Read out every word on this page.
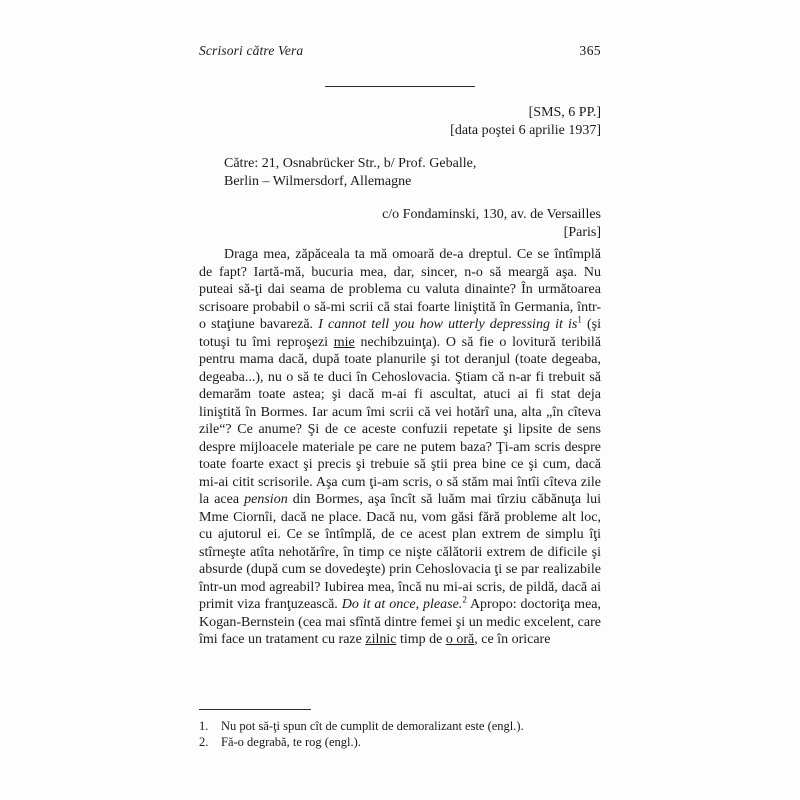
Scrisori către Vera	365
[SMS, 6 PP.]
[data poştei 6 aprilie 1937]
Către: 21, Osnabrücker Str., b/ Prof. Geballe,
Berlin – Wilmersdorf, Allemagne
c/o Fondaminski, 130, av. de Versailles
[Paris]

Draga mea, zăpăceala ta mă omoară de-a dreptul. Ce se întîmplă de fapt? Iartă-mă, bucuria mea, dar, sincer, n-o să meargă aşa. Nu puteai să-ţi dai seama de problema cu valuta dinainte? În următoarea scrisoare probabil o să-mi scrii că stai foarte liniştită în Germania, într-o staţiune bavareză. I cannot tell you how utterly depressing it $is^1$ (şi totuşi tu îmi reproşezi mie nechibzuinţa). O să fie o lovitură teribilă pentru mama dacă, după toate planurile şi tot deranjul (toate degeaba, degeaba...), nu o să te duci în Cehoslovacia. Ştiam că n-ar fi trebuit să demarăm toate astea; şi dacă m-ai fi ascultat, atuci ai fi stat deja liniştită în Bormes. Iar acum îmi scrii că vei hotărî una, alta „în cîteva zile“? Ce anume? Şi de ce aceste confuzii repetate şi lipsite de sens despre mijloacele materiale pe care ne putem baza? Ţi-am scris despre toate foarte exact şi precis şi trebuie să ştii prea bine ce şi cum, dacă mi-ai citit scrisorile. Aşa cum ţi-am scris, o să stăm mai întîi cîteva zile la acea pension din Bormes, aşa încît să luăm mai tîrziu căbănuţa lui Mme Ciornîi, dacă ne place. Dacă nu, vom găsi fără probleme alt loc, cu ajutorul ei. Ce se întîmplă, de ce acest plan extrem de simplu îţi stîrneşte atîta nehotărîre, în timp ce nişte călătorii extrem de dificile şi absurde (după cum se dovedeşte) prin Cehoslovacia ţi se par realizabile într-un mod agreabil? Iubirea mea, încă nu mi-ai scris, de pildă, dacă ai primit viza franţuzească. Do it at once, please.$^2$ Apropo: doctoriţa mea, Kogan-Bernstein (cea mai sfîntă dintre femei şi un medic excelent, care îmi face un tratament cu raze zilnic timp de o oră, ce în oricare

1.	Nu pot să-ţi spun cît de cumplit de demoralizant este (engl.).
2.	Fă-o degrabă, te rog (engl.).
